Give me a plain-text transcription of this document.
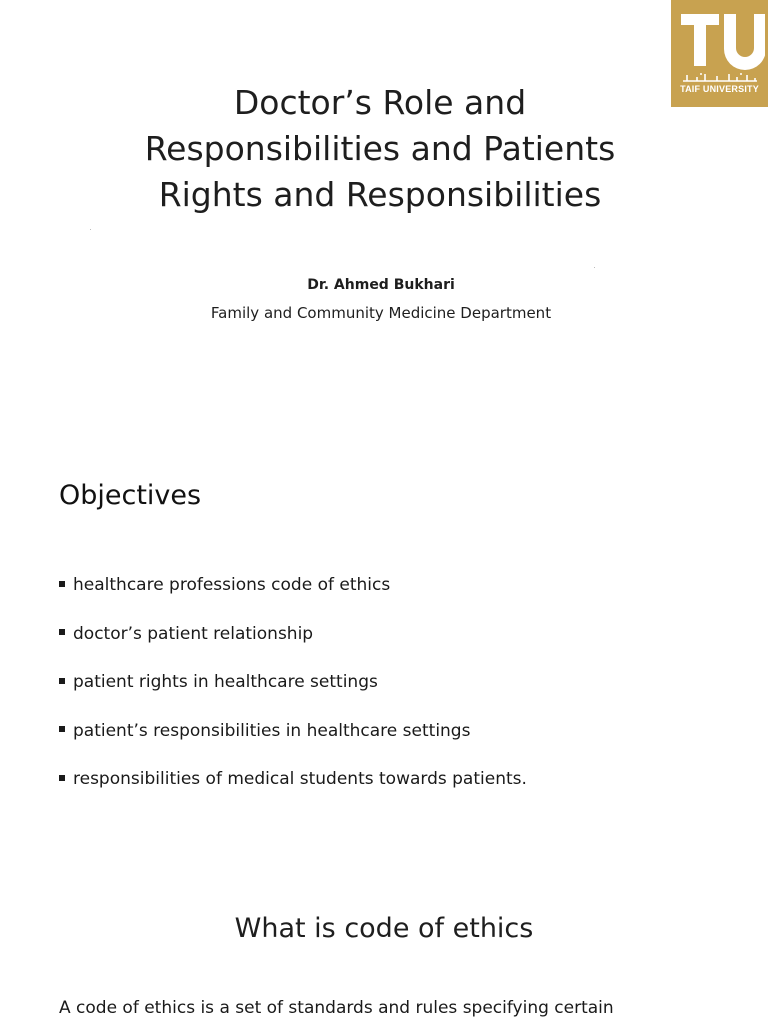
TAIF UNIVERSITY
Doctor’s Role and
Responsibilities and Patients
Rights and Responsibilities
Dr. Ahmed Bukhari
Family and Community Medicine Department
Objectives
healthcare professions code of ethics
doctor’s patient relationship
patient rights in healthcare settings
patient’s responsibilities in healthcare settings
responsibilities of medical students towards patients.
What is code of ethics

A code of ethics is a set of standards and rules specifying certain
